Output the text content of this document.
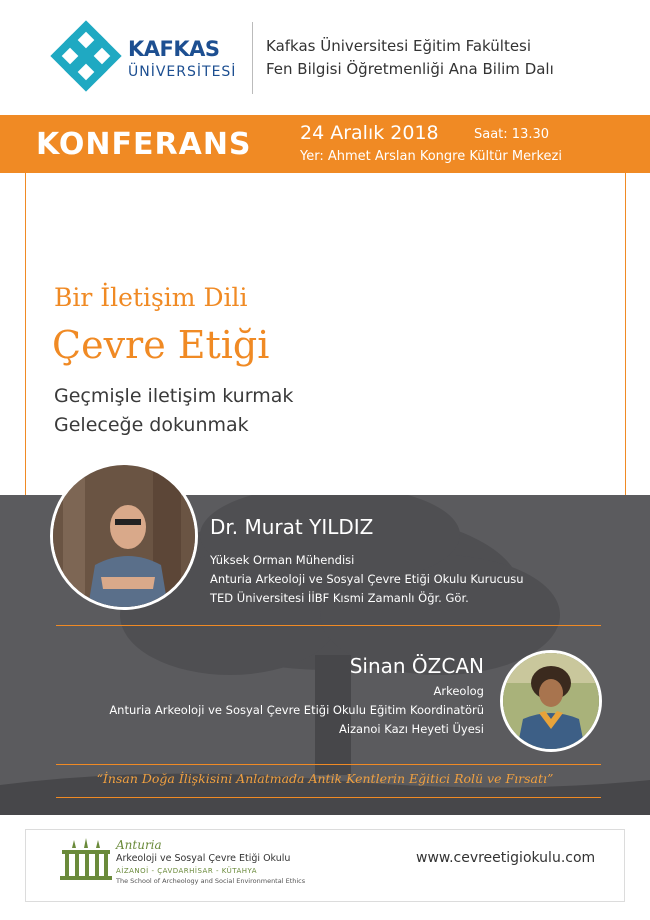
KAFKAS
ÜNİVERSİTESİ
Kafkas Üniversitesi Eğitim Fakültesi
Fen Bilgisi Öğretmenliği Ana Bilim Dalı
KONFERANS	24 Aralık 2018	Saat: 13.30
Yer: Ahmet Arslan Kongre Kültür Merkezi
Bir İletişim Dili
Çevre Etiği
Geçmişle iletişim kurmak
Geleceğe dokunmak
Dr. Murat YILDIZ
Yüksek Orman Mühendisi
Anturia Arkeoloji ve Sosyal Çevre Etiği Okulu Kurucusu
TED Üniversitesi İİBF Kısmi Zamanlı Öğr. Gör.
Sinan ÖZCAN
Arkeolog
Anturia Arkeoloji ve Sosyal Çevre Etiği Okulu Eğitim Koordinatörü
Aizanoi Kazı Heyeti Üyesi
“İnsan Doğa İlişkisini Anlatmada Antik Kentlerin Eğitici Rolü ve Fırsatı”
Anturia
Arkeoloji ve Sosyal Çevre Etiği Okulu
AİZANOİ - ÇAVDARHİSAR - KÜTAHYA
The School of Archeology and Social Environmental Ethics
www.cevreetigiokulu.com
